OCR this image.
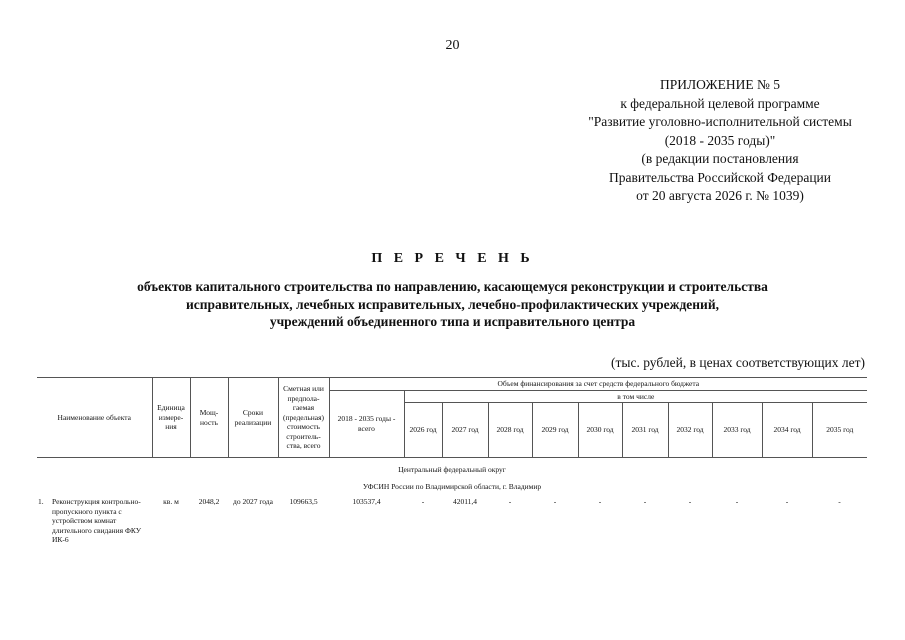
20
ПРИЛОЖЕНИЕ № 5
к федеральной целевой программе
"Развитие уголовно-исполнительной системы
(2018 - 2035 годы)"
(в редакции постановления
Правительства Российской Федерации
от 20 августа 2026 г. № 1039)
П Е Р Е Ч Е Н Ь
объектов капитального строительства по направлению, касающемуся реконструкции и строительства
исправительных, лечебных исправительных, лечебно-профилактических учреждений,
учреждений объединенного типа и исправительного центра
(тыс. рублей, в ценах соответствующих лет)
Наименование объекта	Единица измере-ния	Мощ-ность	Сроки реализации	Сметная или предпола-гаемая (предельная) стоимость строитель-ства, всего	Объем финансирования за счет средств федерального бюджета										
					2018 - 2035 годы - всего	в том числе									
						2026 год	2027 год	2028 год	2029 год	2030 год	2031 год	2032 год	2033 год	2034 год	2035 год
Центральный федеральный округ
УФСИН России по Владимирской области, г. Владимир
1.	Реконструкция контрольно-пропускного пункта с устройством комнат длительного свидания ФКУ ИК-6	кв. м	2048,2	до 2027 года	109663,5	103537,4	-	42011,4	-	-	-	-	-	-	-	-
